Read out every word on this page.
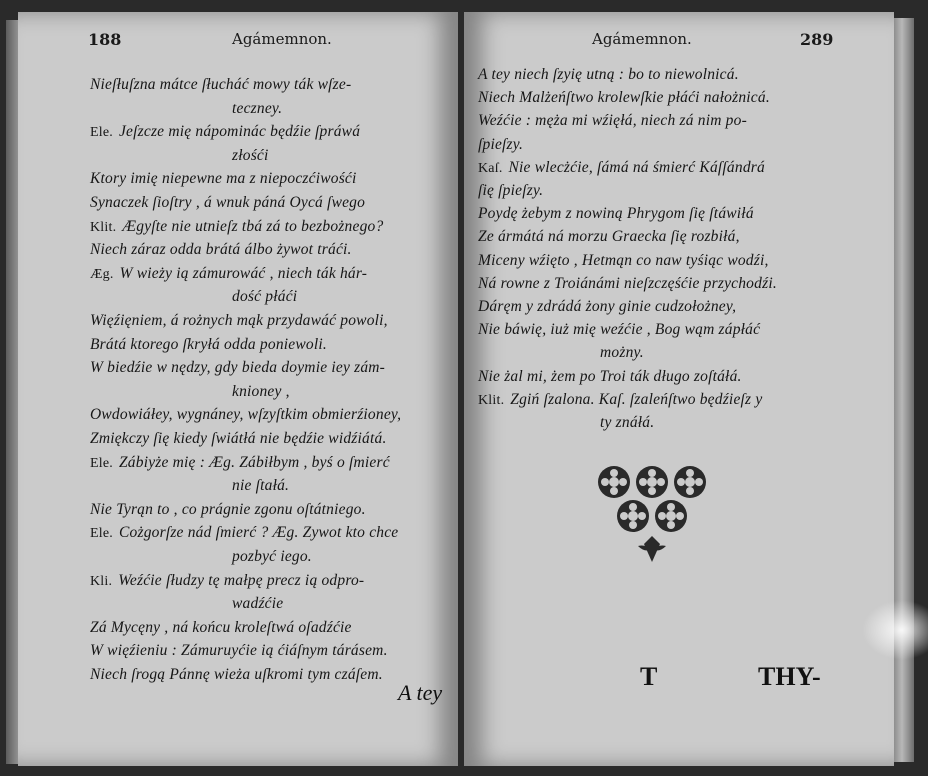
188	Agámemnon.	Agámemnon.	289
Nieſłuſzna mátce ſłucháć mowy ták wſze-
teczney.
Ele. Jeſzcze mię nápominác będźie ſpráwá
złośći
Ktory imię niepewne ma z niepoczćiwośći
Synaczek ſioſtry , á wnuk páná Oycá ſwego
Klit. Ægyſte nie utnieſz tbá zá to bezbożnego?
Niech záraz odda brátá álbo żywot tráći.
Æg. W wieży ią zámurowáć , niech ták hár-
dość płáći
Więźięniem, á rożnych mąk przydawáć powoli,
Brátá ktorego ſkryłá odda poniewoli.
W biedźie w nędzy, gdy bieda doymie iey zám-
knioney ,
Owdowiáłey, wygnáney, wſzyſtkim obmierźioney,
Zmiękczy ſię kiedy ſwiátłá nie będźie widźiátá.
Ele. Zábiyże mię : Æg. Zábiłbym , byś o ſmierć
nie ſtałá.
Nie Tyrąn to , co prágnie zgonu oſtátniego.
Ele. Cożgorſze nád ſmierć ? Æg. Zywot kto chce
pozbyć iego.
Kli. Weźćie ſłudzy tę małpę precz ią odpro-
wadźćie
Zá Mycęny , ná końcu kroleſtwá oſadźćie
W więźieniu : Zámuruyćie ią ćiáſnym tárásem.
Niech ſrogą Pánnę wieża uſkromi tym czáſem.
A tey niech ſzyię utną : bo to niewolnicá.
Niech Malżeńſtwo krolewſkie płáći nałożnicá.
Weźćie : męża mi wźięłá, niech zá nim po-
ſpieſzy.
Kaſ. Nie wlecżćie, ſámá ná śmierć Káſſándrá
ſię ſpieſzy.
Poydę żebym z nowiną Phrygom ſię ſtáwiłá
Ze ármátá ná morzu Graecka ſię rozbiłá,
Miceny wźięto , Hetmąn co naw tyśiąc wodźi,
Ná rowne z Troiánámi nieſzczęśćie przychodźi.
Dáręm y zdrádá żony ginie cudzołożney,
Nie báwię, iuż mię weźćie , Bog wąm zápłáć
możny.
Nie żal mi, żem po Troi ták długo zoſtáłá.
Klit. Zgiń ſzalona. Kaſ. ſzaleńſtwo będźieſz y
ty znáłá.
A tey
T	THY-
